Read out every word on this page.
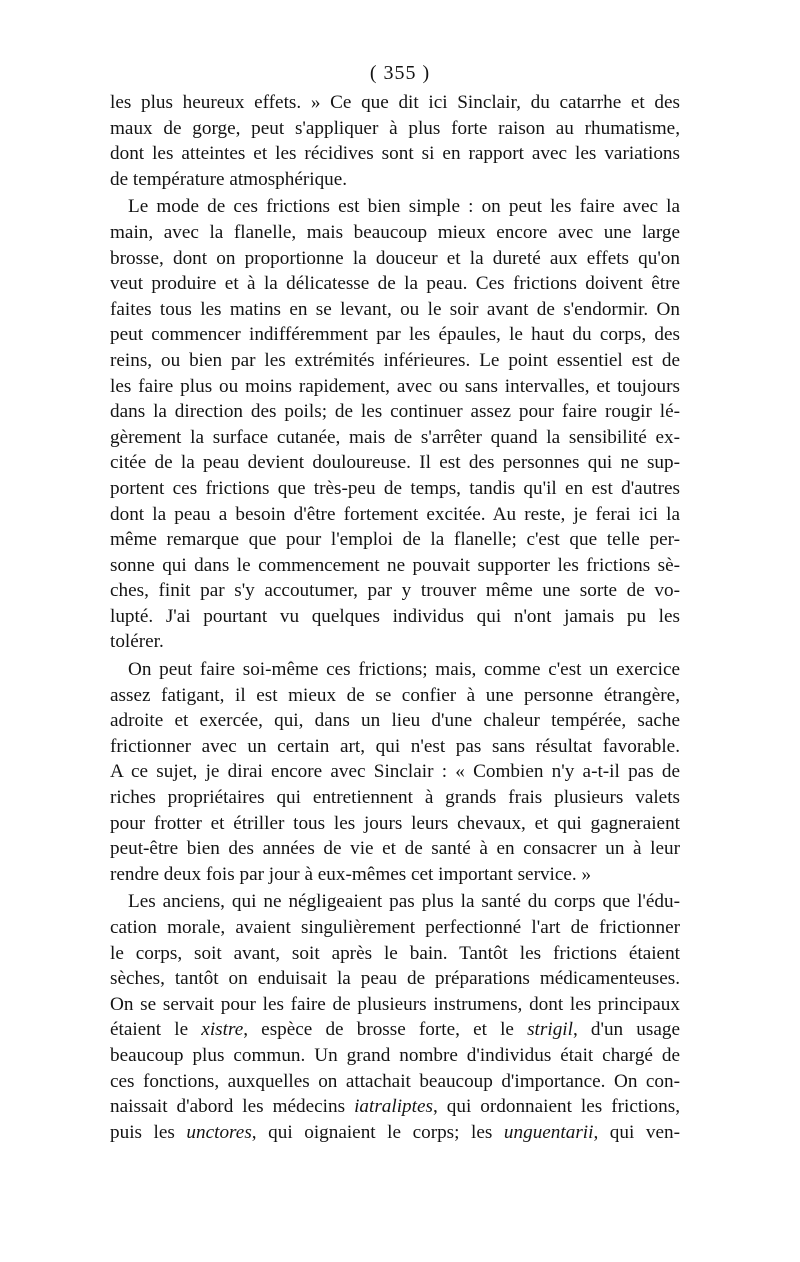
( 355 )
les plus heureux effets. » Ce que dit ici Sinclair, du catarrhe et des
maux de gorge, peut s'appliquer à plus forte raison au rhumatisme,
dont les atteintes et les récidives sont si en rapport avec les variations
de température atmosphérique.
Le mode de ces frictions est bien simple : on peut les faire avec la
main, avec la flanelle, mais beaucoup mieux encore avec une large
brosse, dont on proportionne la douceur et la dureté aux effets qu'on
veut produire et à la délicatesse de la peau. Ces frictions doivent être
faites tous les matins en se levant, ou le soir avant de s'endormir. On
peut commencer indifféremment par les épaules, le haut du corps, des
reins, ou bien par les extrémités inférieures. Le point essentiel est de
les faire plus ou moins rapidement, avec ou sans intervalles, et toujours
dans la direction des poils; de les continuer assez pour faire rougir lé-
gèrement la surface cutanée, mais de s'arrêter quand la sensibilité ex-
citée de la peau devient douloureuse. Il est des personnes qui ne sup-
portent ces frictions que très-peu de temps, tandis qu'il en est d'autres
dont la peau a besoin d'être fortement excitée. Au reste, je ferai ici la
même remarque que pour l'emploi de la flanelle; c'est que telle per-
sonne qui dans le commencement ne pouvait supporter les frictions sè-
ches, finit par s'y accoutumer, par y trouver même une sorte de vo-
lupté. J'ai pourtant vu quelques individus qui n'ont jamais pu les
tolérer.
On peut faire soi-même ces frictions; mais, comme c'est un exercice
assez fatigant, il est mieux de se confier à une personne étrangère,
adroite et exercée, qui, dans un lieu d'une chaleur tempérée, sache
frictionner avec un certain art, qui n'est pas sans résultat favorable.
A ce sujet, je dirai encore avec Sinclair : « Combien n'y a-t-il pas de
riches propriétaires qui entretiennent à grands frais plusieurs valets
pour frotter et étriller tous les jours leurs chevaux, et qui gagneraient
peut-être bien des années de vie et de santé à en consacrer un à leur
rendre deux fois par jour à eux-mêmes cet important service. »
Les anciens, qui ne négligeaient pas plus la santé du corps que l'édu-
cation morale, avaient singulièrement perfectionné l'art de frictionner
le corps, soit avant, soit après le bain. Tantôt les frictions étaient
sèches, tantôt on enduisait la peau de préparations médicamenteuses.
On se servait pour les faire de plusieurs instrumens, dont les principaux
étaient le xistre, espèce de brosse forte, et le strigil, d'un usage
beaucoup plus commun. Un grand nombre d'individus était chargé de
ces fonctions, auxquelles on attachait beaucoup d'importance. On con-
naissait d'abord les médecins iatraliptes, qui ordonnaient les frictions,
puis les unctores, qui oignaient le corps; les unguentarii, qui ven-
